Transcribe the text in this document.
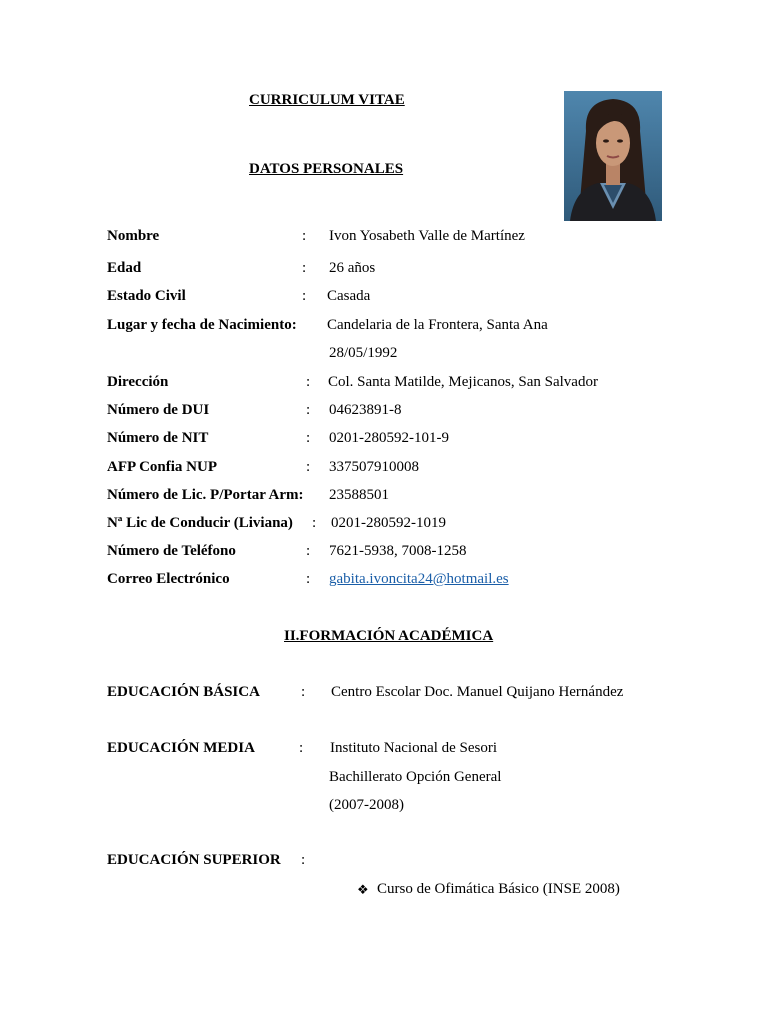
CURRICULUM VITAE
DATOS PERSONALES
Nombre	: Ivon Yosabeth Valle de Martínez
Edad	: 26 años
Estado Civil	: Casada
Lugar y fecha de Nacimiento: Candelaria de la Frontera, Santa Ana
28/05/1992
Dirección	: Col. Santa Matilde, Mejicanos, San Salvador
Número de DUI	: 04623891-8
Número de NIT	: 0201-280592-101-9
AFP Confia NUP	: 337507910008
Número de Lic. P/Portar Arm: 23588501
Nª Lic de Conducir (Liviana) : 0201-280592-1019
Número de Teléfono	: 7621-5938, 7008-1258
Correo Electrónico	: gabita.ivoncita24@hotmail.es
II.FORMACIÓN ACADÉMICA
EDUCACIÓN BÁSICA	: Centro Escolar Doc. Manuel Quijano Hernández
EDUCACIÓN MEDIA	: Instituto Nacional de Sesori
Bachillerato Opción General
(2007-2008)
EDUCACIÓN SUPERIOR :
❖ Curso de Ofimática Básico (INSE 2008)
